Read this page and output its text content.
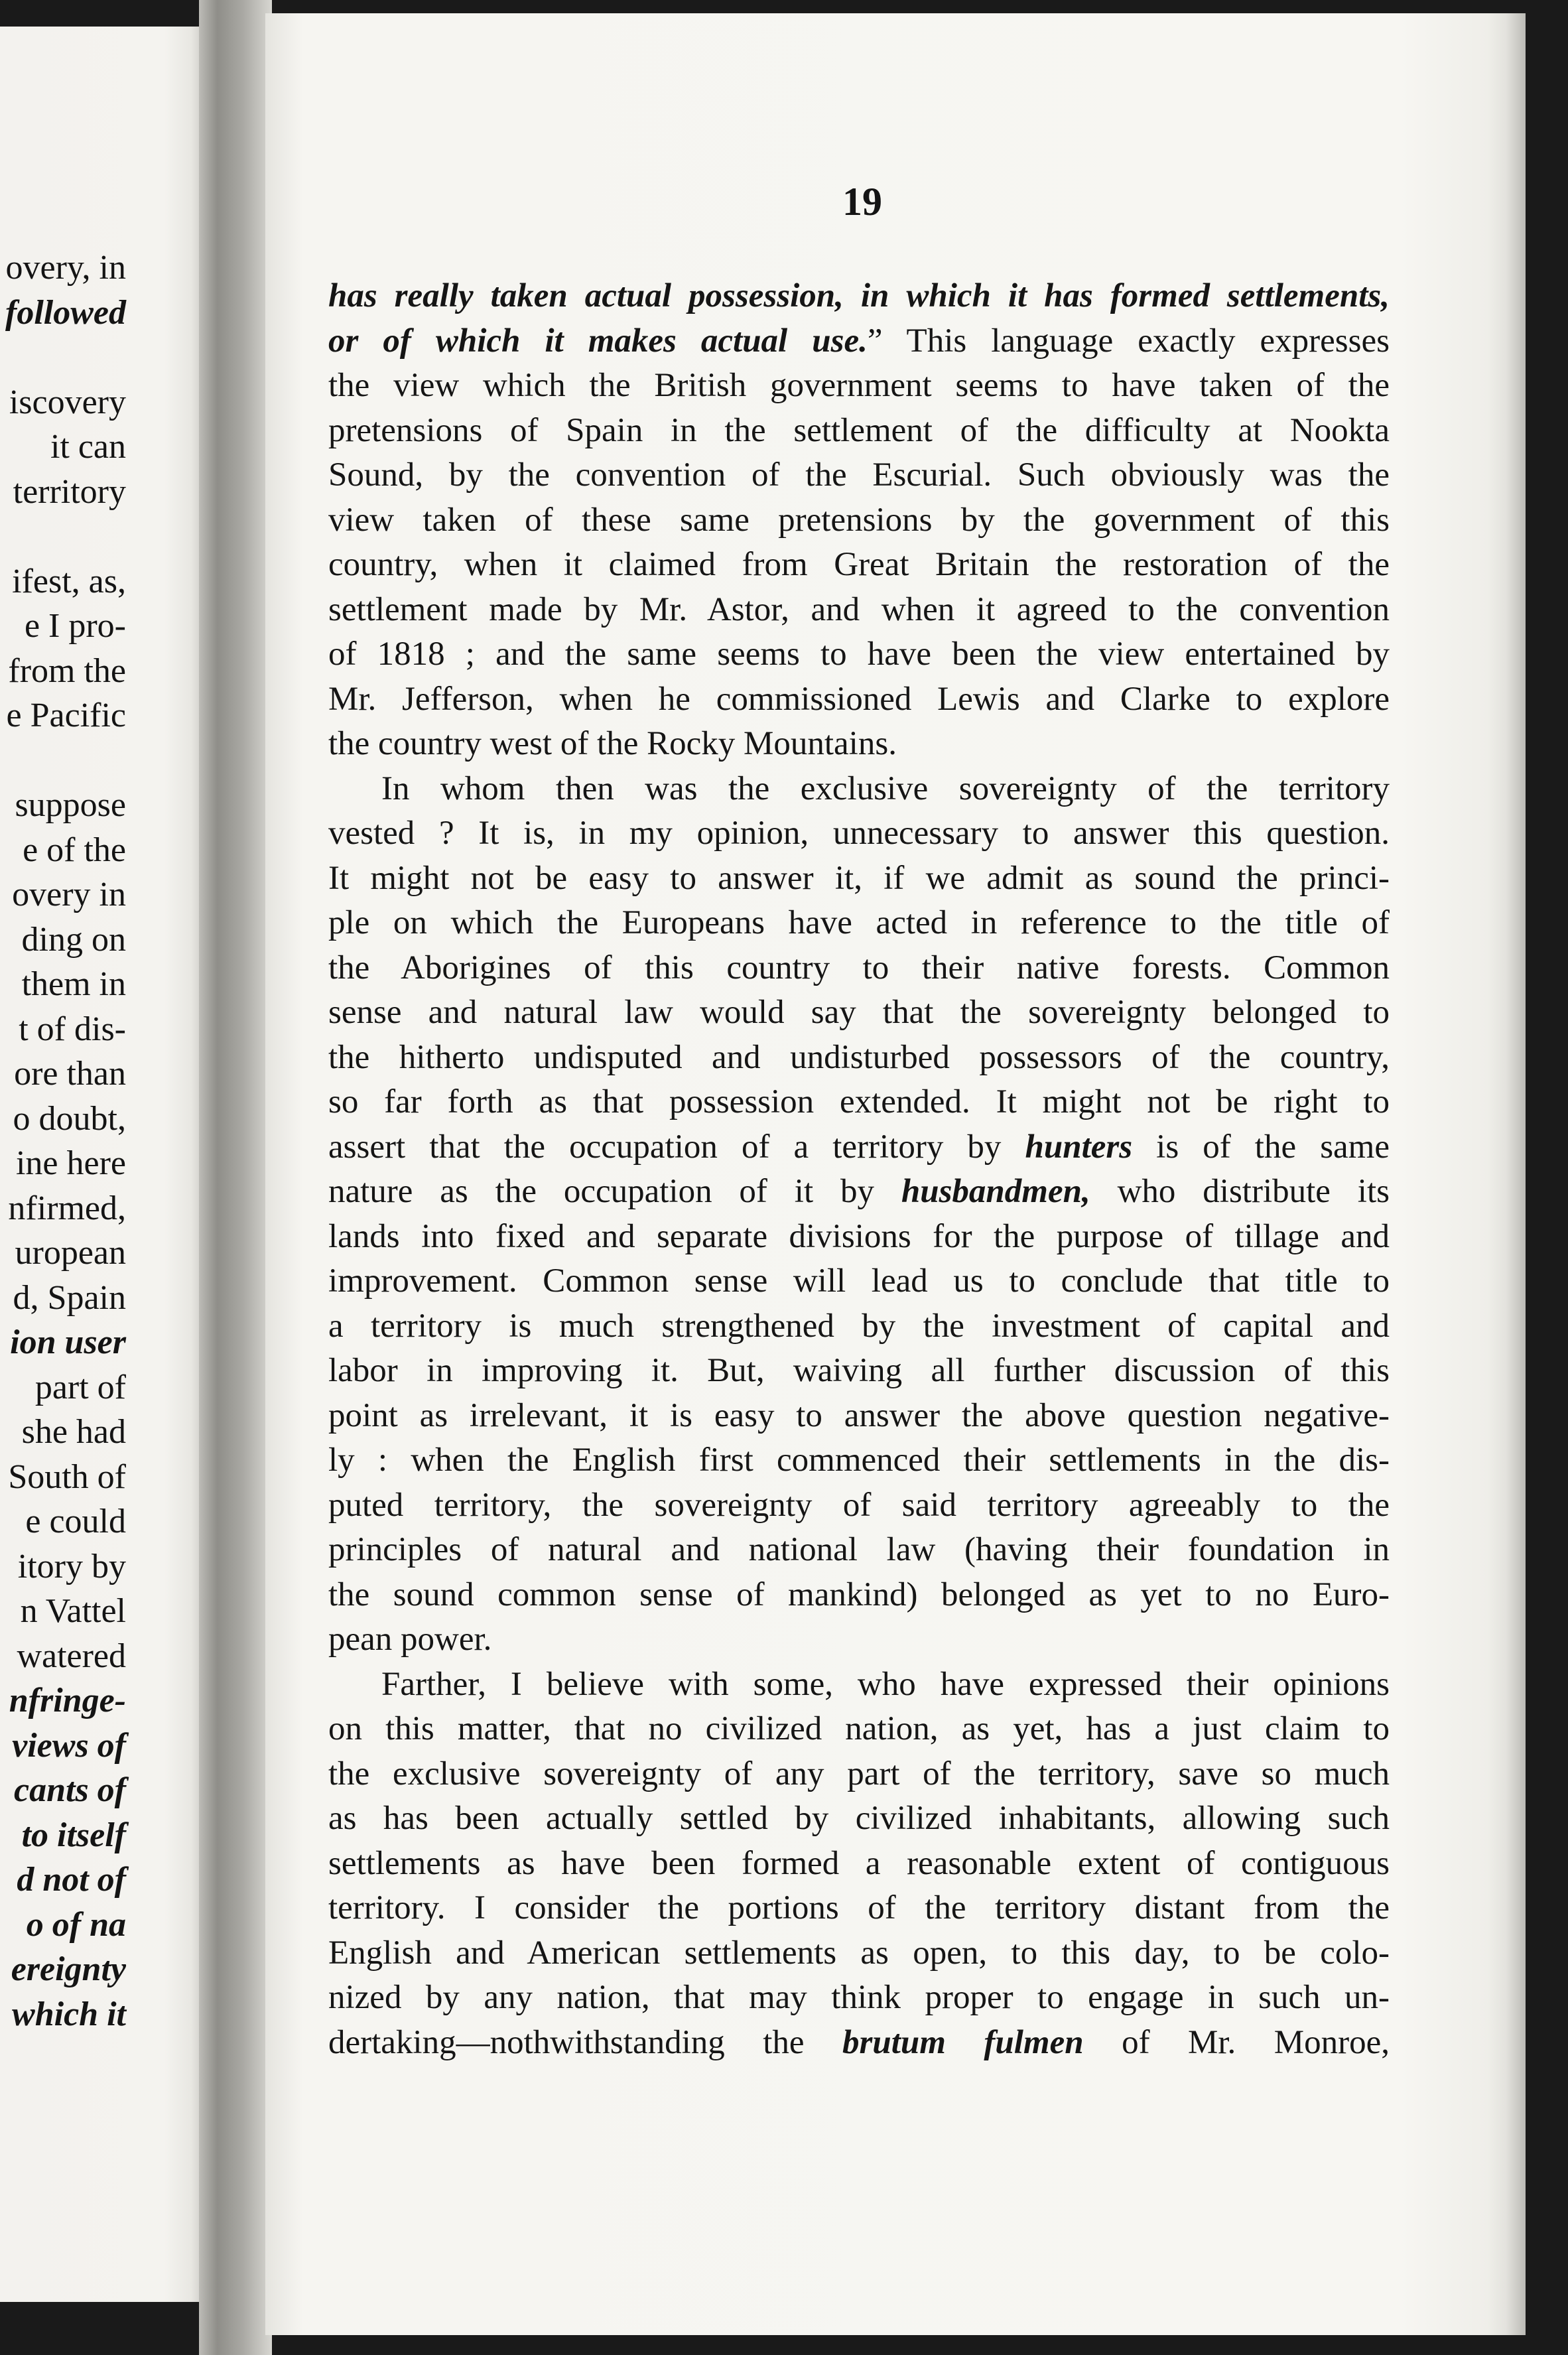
overy, in
followed
iscovery
it can
territory
ifest, as,
e I pro-
from the
e Pacific
suppose
e of the
overy in
ding on
them in
t of dis-
ore than
o doubt,
ine here
nfirmed,
uropean
d, Spain
ion user
part of
she had
South of
e could
itory by
n Vattel
watered
nfringe-
views of
cants of
to itself
d not of
o of na
ereignty
which it
19
has really taken actual possession, in which it has formed settlements,
or of which it makes actual use.” This language exactly expresses
the view which the British government seems to have taken of the
pretensions of Spain in the settlement of the difficulty at Nookta
Sound, by the convention of the Escurial. Such obviously was the
view taken of these same pretensions by the government of this
country, when it claimed from Great Britain the restoration of the
settlement made by Mr. Astor, and when it agreed to the convention
of 1818 ; and the same seems to have been the view entertained by
Mr. Jefferson, when he commissioned Lewis and Clarke to explore
the country west of the Rocky Mountains.
In whom then was the exclusive sovereignty of the territory
vested ? It is, in my opinion, unnecessary to answer this question.
It might not be easy to answer it, if we admit as sound the princi-
ple on which the Europeans have acted in reference to the title of
the Aborigines of this country to their native forests. Common
sense and natural law would say that the sovereignty belonged to
the hitherto undisputed and undisturbed possessors of the country,
so far forth as that possession extended. It might not be right to
assert that the occupation of a territory by hunters is of the same
nature as the occupation of it by husbandmen, who distribute its
lands into fixed and separate divisions for the purpose of tillage and
improvement. Common sense will lead us to conclude that title to
a territory is much strengthened by the investment of capital and
labor in improving it. But, waiving all further discussion of this
point as irrelevant, it is easy to answer the above question negative-
ly : when the English first commenced their settlements in the dis-
puted territory, the sovereignty of said territory agreeably to the
principles of natural and national law (having their foundation in
the sound common sense of mankind) belonged as yet to no Euro-
pean power.
Farther, I believe with some, who have expressed their opinions
on this matter, that no civilized nation, as yet, has a just claim to
the exclusive sovereignty of any part of the territory, save so much
as has been actually settled by civilized inhabitants, allowing such
settlements as have been formed a reasonable extent of contiguous
territory. I consider the portions of the territory distant from the
English and American settlements as open, to this day, to be colo-
nized by any nation, that may think proper to engage in such un-
dertaking—nothwithstanding the brutum fulmen of Mr. Monroe,
